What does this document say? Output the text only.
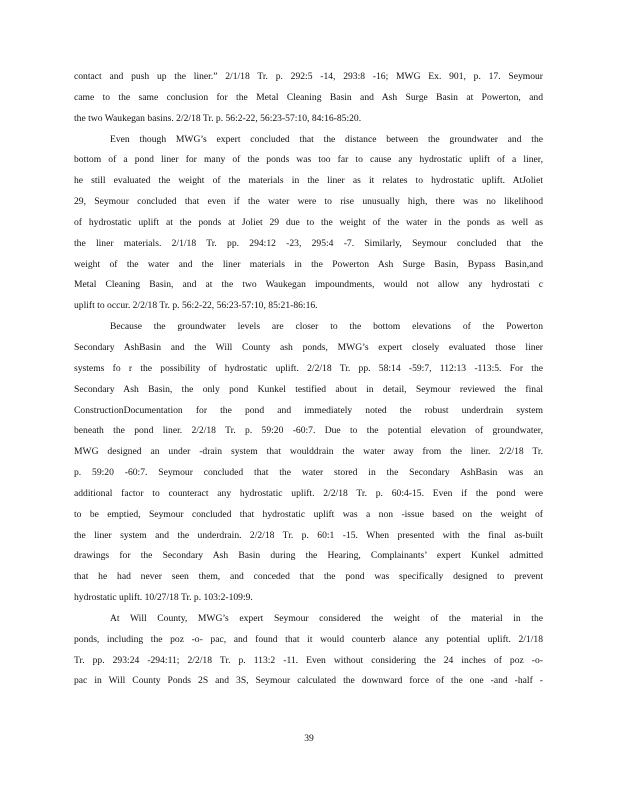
contact and push up the liner.” 2/1/18 Tr. p. 292:5 -14, 293:8 -16; MWG Ex. 901, p. 17. Seymour
came to the same conclusion for the Metal Cleaning Basin and Ash Surge Basin at Powerton, and
the two Waukegan basins. 2/2/18 Tr. p. 56:2-22, 56:23-57:10, 84:16-85:20.
Even though MWG’s expert concluded that the distance between the groundwater and the
bottom of a pond liner for many of the ponds was too far to cause any hydrostatic uplift of a liner,
he still evaluated the weight of the materials in the liner as it relates to hydrostatic uplift. AtJoliet
29, Seymour concluded that even if the water were to rise unusually high, there was no likelihood
of hydrostatic uplift at the ponds at Joliet 29 due to the weight of the water in the ponds as well as
the liner materials. 2/1/18 Tr. pp. 294:12 -23, 295:4 -7. Similarly, Seymour concluded that the
weight of the water and the liner materials in the Powerton Ash Surge Basin, Bypass Basin,and
Metal Cleaning Basin, and at the two Waukegan impoundments, would not allow any hydrostati c
uplift to occur. 2/2/18 Tr. p. 56:2-22, 56:23-57:10, 85:21-86:16.
Because the groundwater levels are closer to the bottom elevations of the Powerton
Secondary AshBasin and the Will County ash ponds, MWG’s expert closely evaluated those liner
systems fo r the possibility of hydrostatic uplift. 2/2/18 Tr. pp. 58:14 -59:7, 112:13 -113:5. For the
Secondary Ash Basin, the only pond Kunkel testified about in detail, Seymour reviewed the final
ConstructionDocumentation for the pond and immediately noted the robust underdrain system
beneath the pond liner. 2/2/18 Tr. p. 59:20 -60:7. Due to the potential elevation of groundwater,
MWG designed an under -drain system that woulddrain the water away from the liner. 2/2/18 Tr.
p. 59:20 -60:7. Seymour concluded that the water stored in the Secondary AshBasin was an
additional factor to counteract any hydrostatic uplift. 2/2/18 Tr. p. 60:4-15. Even if the pond were
to be emptied, Seymour concluded that hydrostatic uplift was a non -issue based on the weight of
the liner system and the underdrain. 2/2/18 Tr. p. 60:1 -15. When presented with the final as-built
drawings for the Secondary Ash Basin during the Hearing, Complainants’ expert Kunkel admitted
that he had never seen them, and conceded that the pond was specifically designed to prevent
hydrostatic uplift. 10/27/18 Tr. p. 103:2-109:9.
At Will County, MWG’s expert Seymour considered the weight of the material in the
ponds, including the poz -o- pac, and found that it would counterb alance any potential uplift. 2/1/18
Tr. pp. 293:24 -294:11; 2/2/18 Tr. p. 113:2 -11. Even without considering the 24 inches of poz -o-
pac in Will County Ponds 2S and 3S, Seymour calculated the downward force of the one -and -half -
39
